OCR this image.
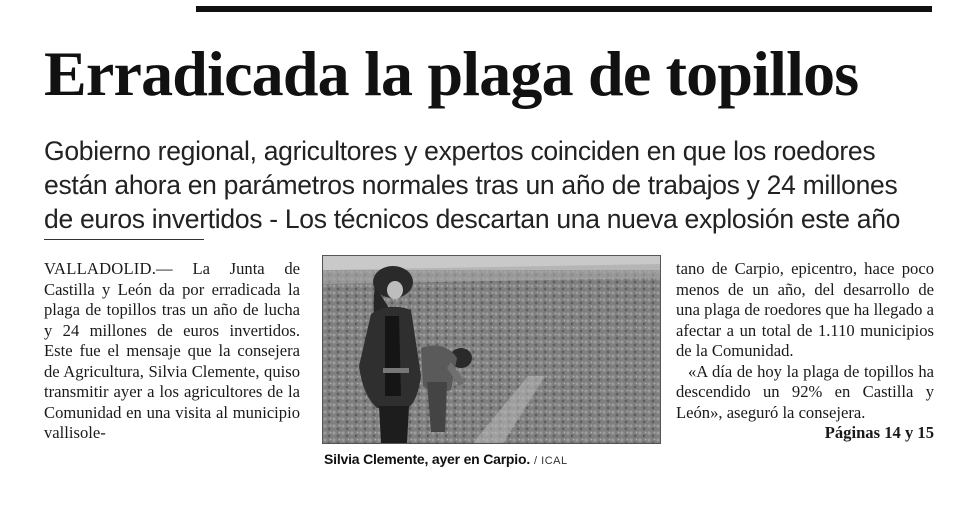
Erradicada la plaga de topillos
Gobierno regional, agricultores y expertos coinciden en que los roedores
están ahora en parámetros normales tras un año de trabajos y 24 millones
de euros invertidos - Los técnicos descartan una nueva explosión este año

VALLADOLID.— La Junta de Castilla y León da por erradicada la plaga de topillos tras un año de lucha y 24 millones de euros invertidos. Este fue el mensaje que la consejera de Agricultura, Silvia Clemente, quiso transmitir ayer a los agricultores de la Comunidad en una visita al municipio vallisole-

Silvia Clemente, ayer en Carpio. / ICAL

tano de Carpio, epicentro, hace poco menos de un año, del desarrollo de una plaga de roedores que ha llegado a afectar a un total de 1.110 municipios de la Comunidad.

«A día de hoy la plaga de topillos ha descendido un 92% en Castilla y León», aseguró la consejera.
Páginas 14 y 15
